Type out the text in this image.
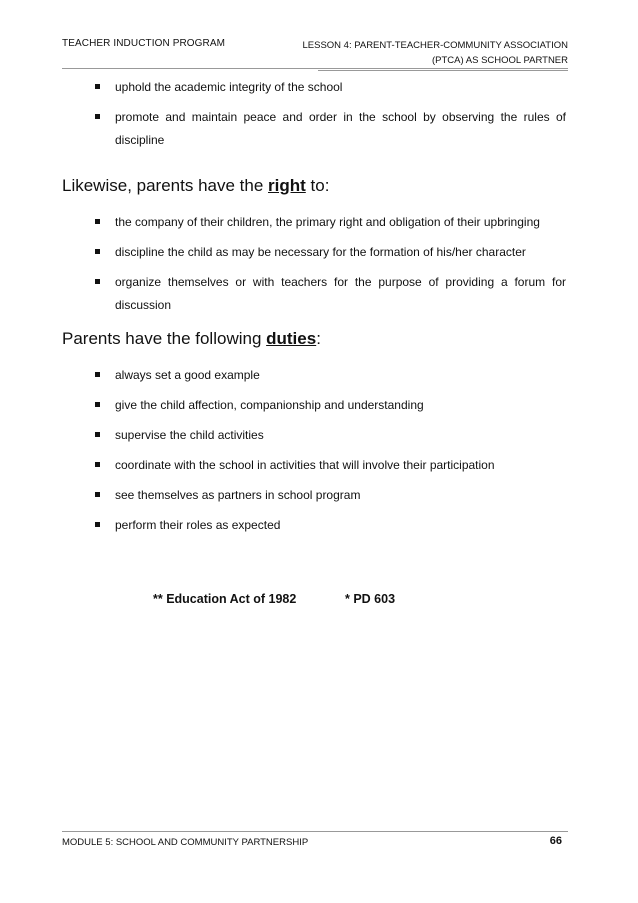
TEACHER INDUCTION PROGRAM	LESSON 4: PARENT-TEACHER-COMMUNITY ASSOCIATION
(PTCA) AS SCHOOL PARTNER
uphold the academic integrity of the school
promote and maintain peace and order in the school by observing the rules of discipline

Likewise, parents have the right to:

the company of their children, the primary right and obligation of their upbringing
discipline the child as may be necessary for the formation of his/her character
organize themselves or with teachers for the purpose of providing a forum for discussion

Parents have the following duties:

always set a good example
give the child affection, companionship and understanding
supervise the child activities
coordinate with the school in activities that will involve their participation
see themselves as partners in school program
perform their roles as expected
** Education Act of 1982	* PD 603
MODULE 5: SCHOOL AND COMMUNITY PARTNERSHIP	66
